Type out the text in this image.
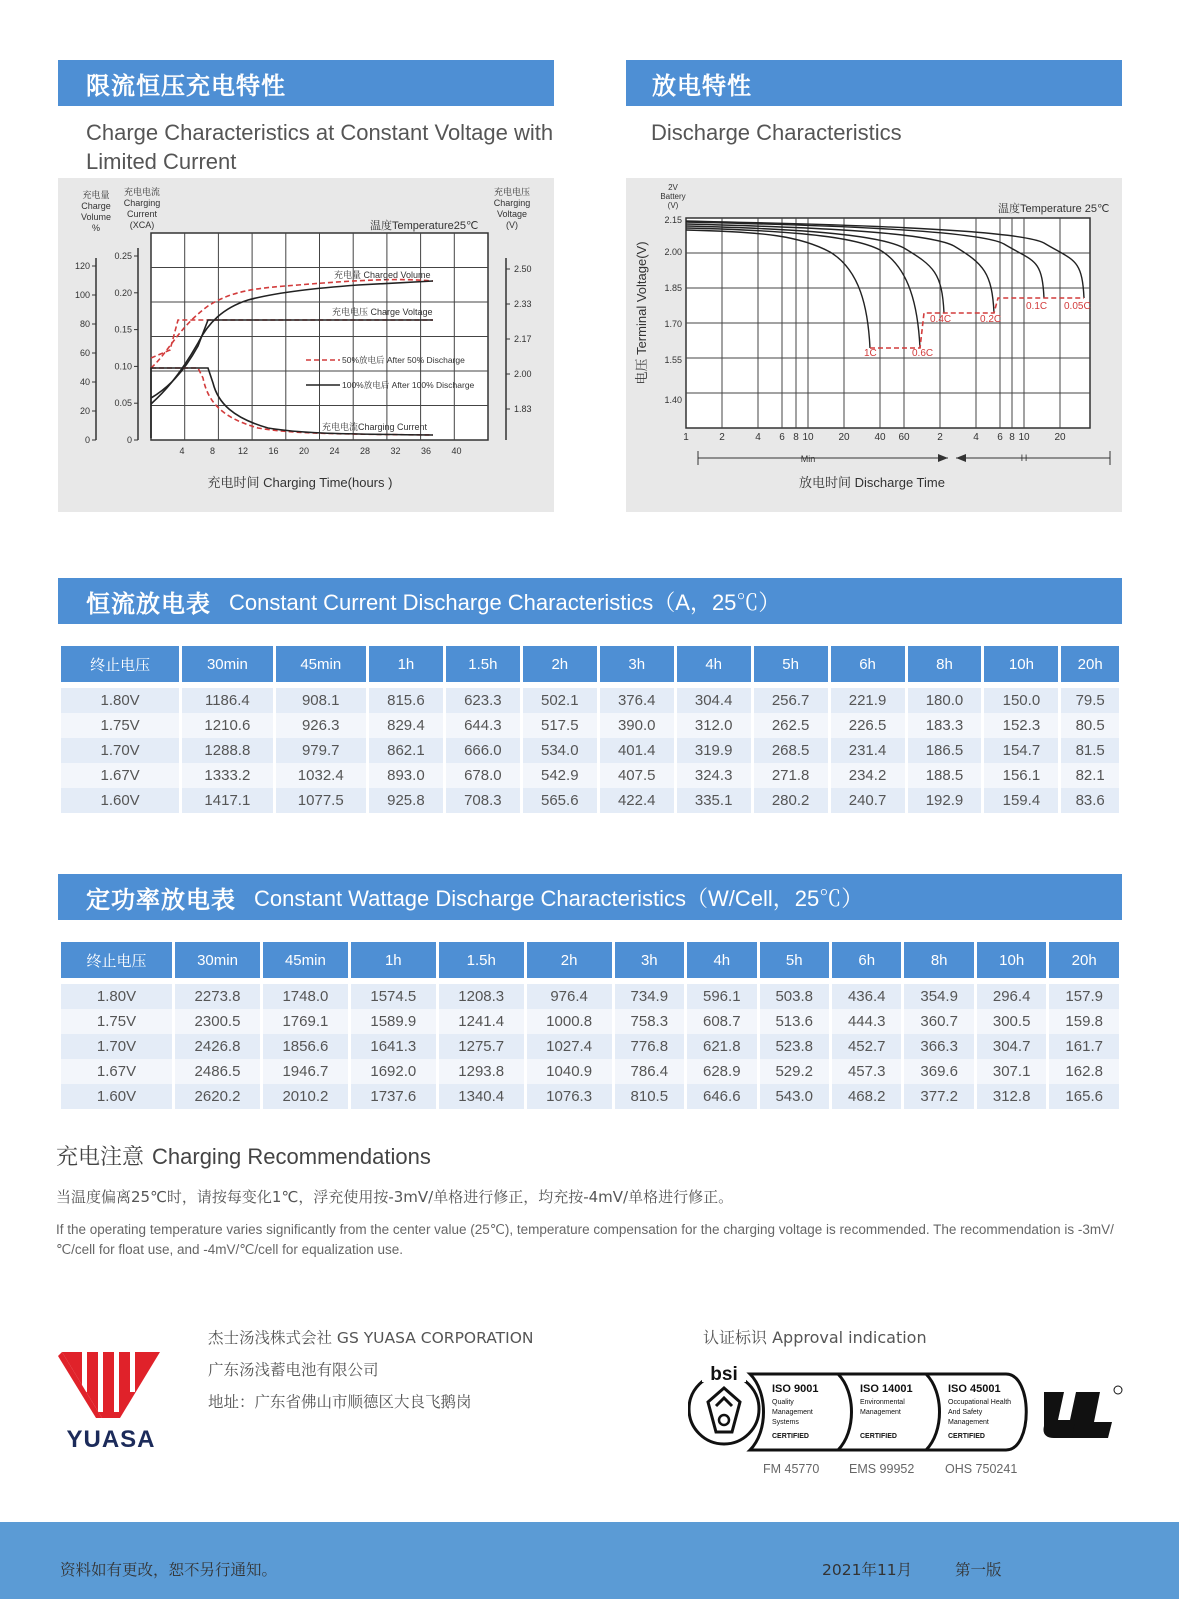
限流恒压充电特性
Charge Characteristics at Constant Voltage with Limited Current
放电特性
Discharge Characteristics
充电量
Charge
Volume
%
充电电流
Charging
Current
(XCA)
充电电压
Charging
Voltage
(V)
温度Temperature25℃
120
100
80
60
40
20
0
0.25
0.20
0.15
0.10
0.05
0
2.50
2.33
2.17
2.00
1.83
4	8	12 16 20 24 28 32 36 40
充电量 Charged Volume
充电电压 Charge Voltage
充电电流Charging Current
50%放电后 After 50% Discharge
100%放电后 After 100% Discharge
充电时间 Charging Time(hours )
2V
Battery
(V)	温度Temperature 25℃
电压 Terminal Voltage(V)	1C	0.6C
0.4C	0.2C
0.1C 0.05C
2.15
2.00
1.85
1.70
1.55
1.40
1	2	4 6 8 10 20 40 60	2	4 6 8 10 20
Min	H
放电时间 Discharge Time
恒流放电表 Constant Current Discharge Characteristics（A，25℃）
终止电压	30min	45min	1h	1.5h	2h	3h	4h	5h	6h	8h	10h	20h

1.80V	1186.4	908.1	815.6	623.3	502.1	376.4	304.4	256.7	221.9	180.0	150.0	79.5
1.75V	1210.6	926.3	829.4	644.3	517.5	390.0	312.0	262.5	226.5	183.3	152.3	80.5
1.70V	1288.8	979.7	862.1	666.0	534.0	401.4	319.9	268.5	231.4	186.5	154.7	81.5
1.67V	1333.2	1032.4	893.0	678.0	542.9	407.5	324.3	271.8	234.2	188.5	156.1	82.1
1.60V	1417.1	1077.5	925.8	708.3	565.6	422.4	335.1	280.2	240.7	192.9	159.4	83.6
定功率放电表 Constant Wattage Discharge Characteristics（W/Cell，25℃）
终止电压	30min	45min	1h	1.5h	2h	3h	4h	5h	6h	8h	10h	20h

1.80V	2273.8	1748.0	1574.5	1208.3	976.4	734.9	596.1	503.8	436.4	354.9	296.4	157.9
1.75V	2300.5	1769.1	1589.9	1241.4	1000.8	758.3	608.7	513.6	444.3	360.7	300.5	159.8
1.70V	2426.8	1856.6	1641.3	1275.7	1027.4	776.8	621.8	523.8	452.7	366.3	304.7	161.7
1.67V	2486.5	1946.7	1692.0	1293.8	1040.9	786.4	628.9	529.2	457.3	369.6	307.1	162.8
1.60V	2620.2	2010.2	1737.6	1340.4	1076.3	810.5	646.6	543.0	468.2	377.2	312.8	165.6
充电注意 Charging Recommendations
当温度偏离25℃时，请按每变化1℃，浮充使用按-3mV/单格进行修正，均充按-4mV/单格进行修正。
If the operating temperature varies significantly from the center value (25℃), temperature compensation for the charging voltage is recommended. The recommendation is -3mV/℃/cell for float use, and -4mV/℃/cell for equalization use.
YUASA
杰士汤浅株式会社 GS YUASA CORPORATION
广东汤浅蓄电池有限公司
地址：广东省佛山市顺德区大良飞鹅岗
认证标识 Approval indication
bsi
ISO 9001
Quality
Management
Systems
CERTIFIED
ISO 14001
Environmental
Management
CERTIFIED
ISO 45001
Occupational Health
And Safety
Management
CERTIFIED
FM 45770 EMS 99952 OHS 750241
资料如有更改，恕不另行通知。	2021年11月	第一版
